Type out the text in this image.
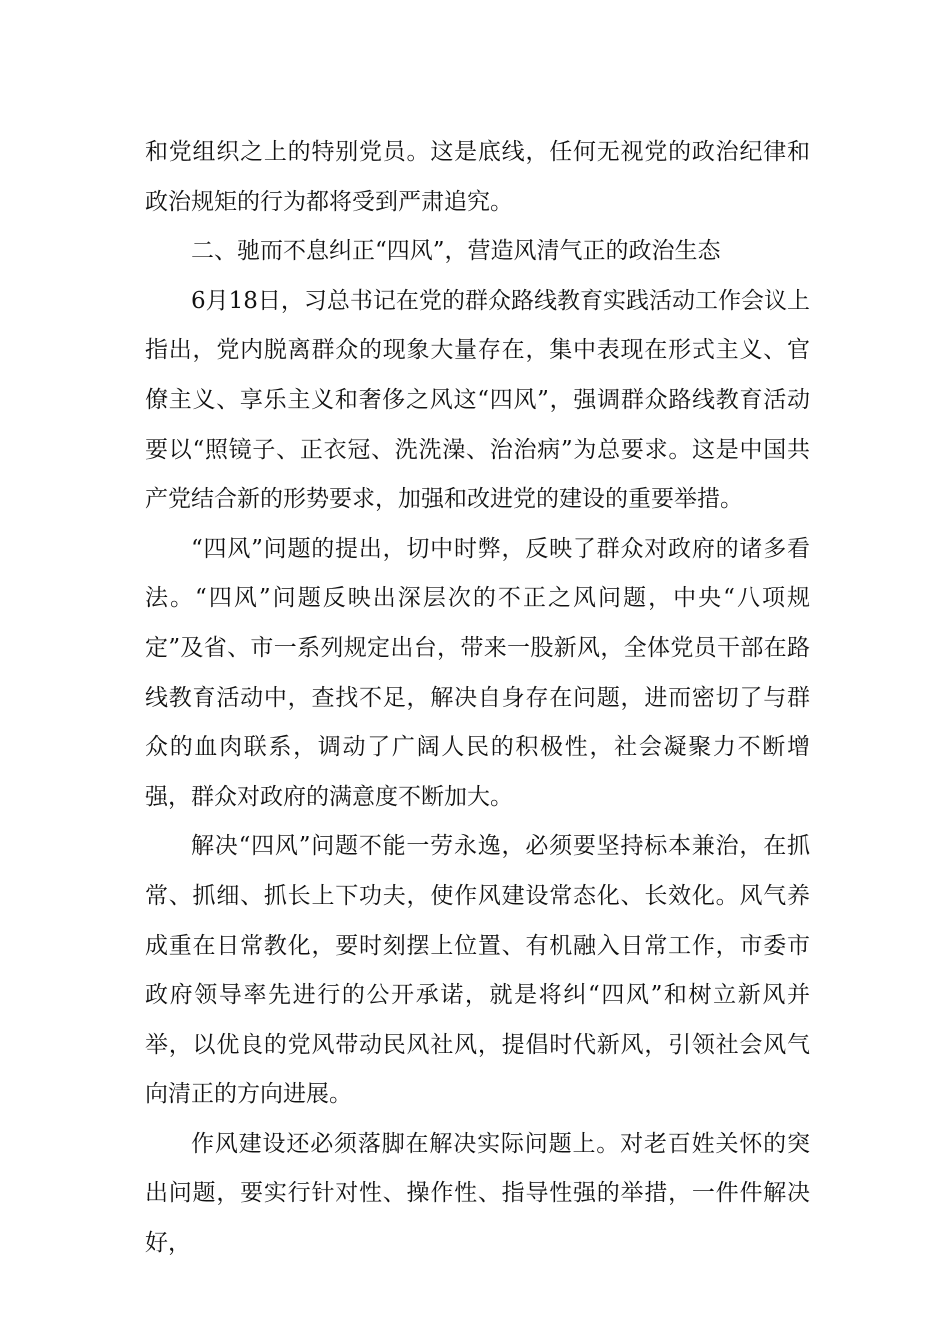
和党组织之上的特别党员。这是底线，任何无视党的政治纪律和政治规矩的行为都将受到严肃追究。

二、驰而不息纠正“四风”，营造风清气正的政治生态

6月18日，习总书记在党的群众路线教育实践活动工作会议上指出，党内脱离群众的现象大量存在，集中表现在形式主义、官僚主义、享乐主义和奢侈之风这“四风”，强调群众路线教育活动要以“照镜子、正衣冠、洗洗澡、治治病”为总要求。这是中国共产党结合新的形势要求，加强和改进党的建设的重要举措。

“四风”问题的提出，切中时弊，反映了群众对政府的诸多看法。“四风”问题反映出深层次的不正之风问题，中央“八项规定”及省、市一系列规定出台，带来一股新风，全体党员干部在路线教育活动中，查找不足，解决自身存在问题，进而密切了与群众的血肉联系，调动了广阔人民的积极性，社会凝聚力不断增强，群众对政府的满意度不断加大。

解决“四风”问题不能一劳永逸，必须要坚持标本兼治，在抓常、抓细、抓长上下功夫，使作风建设常态化、长效化。风气养成重在日常教化，要时刻摆上位置、有机融入日常工作，市委市政府领导率先进行的公开承诺，就是将纠“四风”和树立新风并举，以优良的党风带动民风社风，提倡时代新风，引领社会风气向清正的方向进展。

作风建设还必须落脚在解决实际问题上。对老百姓关怀的突出问题，要实行针对性、操作性、指导性强的举措，一件件解决好，
